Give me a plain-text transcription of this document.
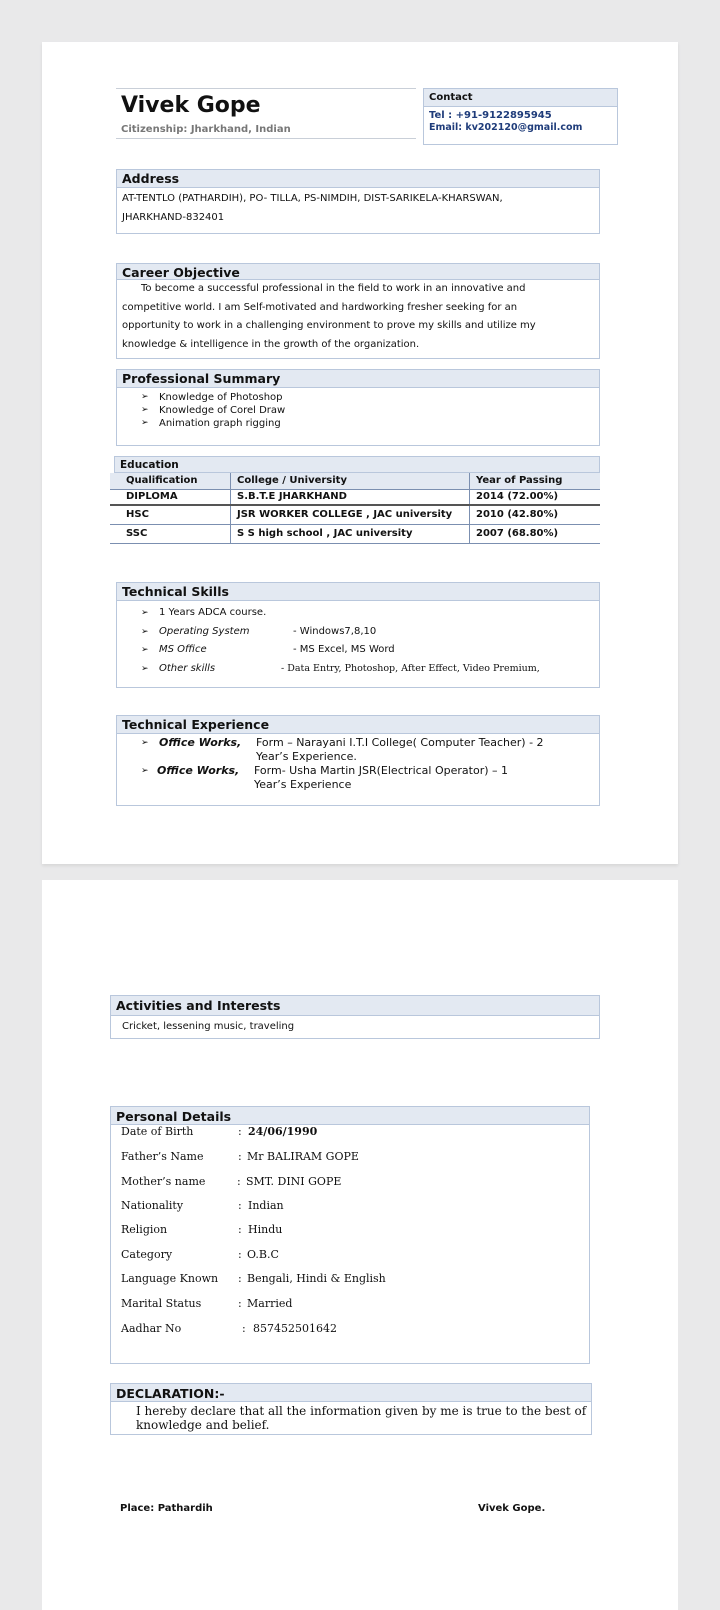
Vivek Gope
Citizenship: Jharkhand, Indian
Contact
Tel : +91-9122895945
Email: kv202120@gmail.com
Address
AT-TENTLO (PATHARDIH), PO- TILLA, PS-NIMDIH, DIST-SARIKELA-KHARSWAN,
JHARKHAND-832401
Career Objective
To become a successful professional in the field to work in an innovative and
competitive world. I am Self-motivated and hardworking fresher seeking for an
opportunity to work in a challenging environment to prove my skills and utilize my
knowledge & intelligence in the growth of the organization.
Professional Summary
➢ Knowledge of Photoshop
➢ Knowledge of Corel Draw
➢ Animation graph rigging
Education
Qualification	College / University	Year of Passing
DIPLOMA	S.B.T.E JHARKHAND	2014 (72.00%)
HSC	JSR WORKER COLLEGE , JAC university	2010 (42.80%)
SSC	S S high school , JAC university	2007 (68.80%)
Technical Skills
➢ 1 Years ADCA course.
➢ Operating System	- Windows7,8,10
➢ MS Office	- MS Excel, MS Word
➢ Other skills	- Data Entry, Photoshop, After Effect, Video Premium,
Technical Experience
➢ Office Works, Form – Narayani I.T.I College( Computer Teacher) - 2
Year’s Experience.
➢ Office Works, Form- Usha Martin JSR(Electrical Operator) – 1
Year’s Experience
Activities and Interests
Cricket, lessening music, traveling
Personal Details
Date of Birth	: 24/06/1990
Father’s Name	: Mr BALIRAM GOPE
Mother’s name	: SMT. DINI GOPE
Nationality	: Indian
Religion	: Hindu
Category	: O.B.C
Language Known : Bengali, Hindi & English
Marital Status	: Married
Aadhar No	: 857452501642
DECLARATION:-
I hereby declare that all the information given by me is true to the best of
knowledge and belief.
Place: Pathardih	Vivek Gope.
